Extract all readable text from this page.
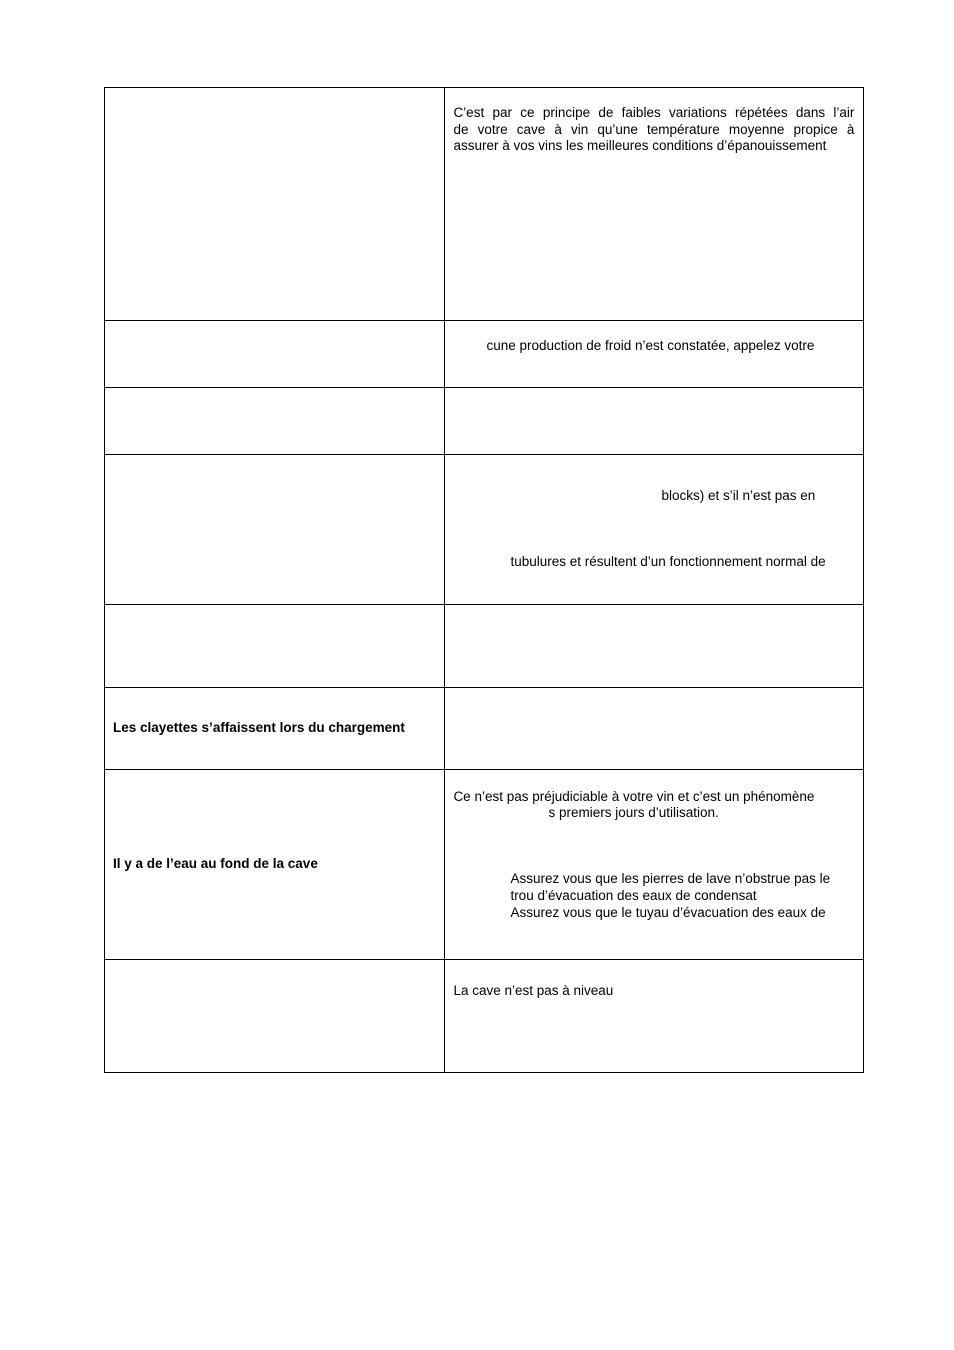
	C’est par ce principe de faibles variations répétées dans l’air
de votre cave à vin qu’une température moyenne propice à
assurer à vos vins les meilleures conditions d’épanouissement

	cune production de froid n’est constatée, appelez votre

	blocks) et s’il n’est pas en
tubulures et résultent d’un fonctionnement normal de

Les clayettes s’affaissent lors du chargement	

Il y a de l’eau au fond de la cave	Ce n’est pas préjudiciable à votre vin et c’est un phénomène
s premiers jours d’utilisation.
Assurez vous que les pierres de lave n’obstrue pas le
trou d’évacuation des eaux de condensat
Assurez vous que le tuyau d’évacuation des eaux de

	La cave n’est pas à niveau
